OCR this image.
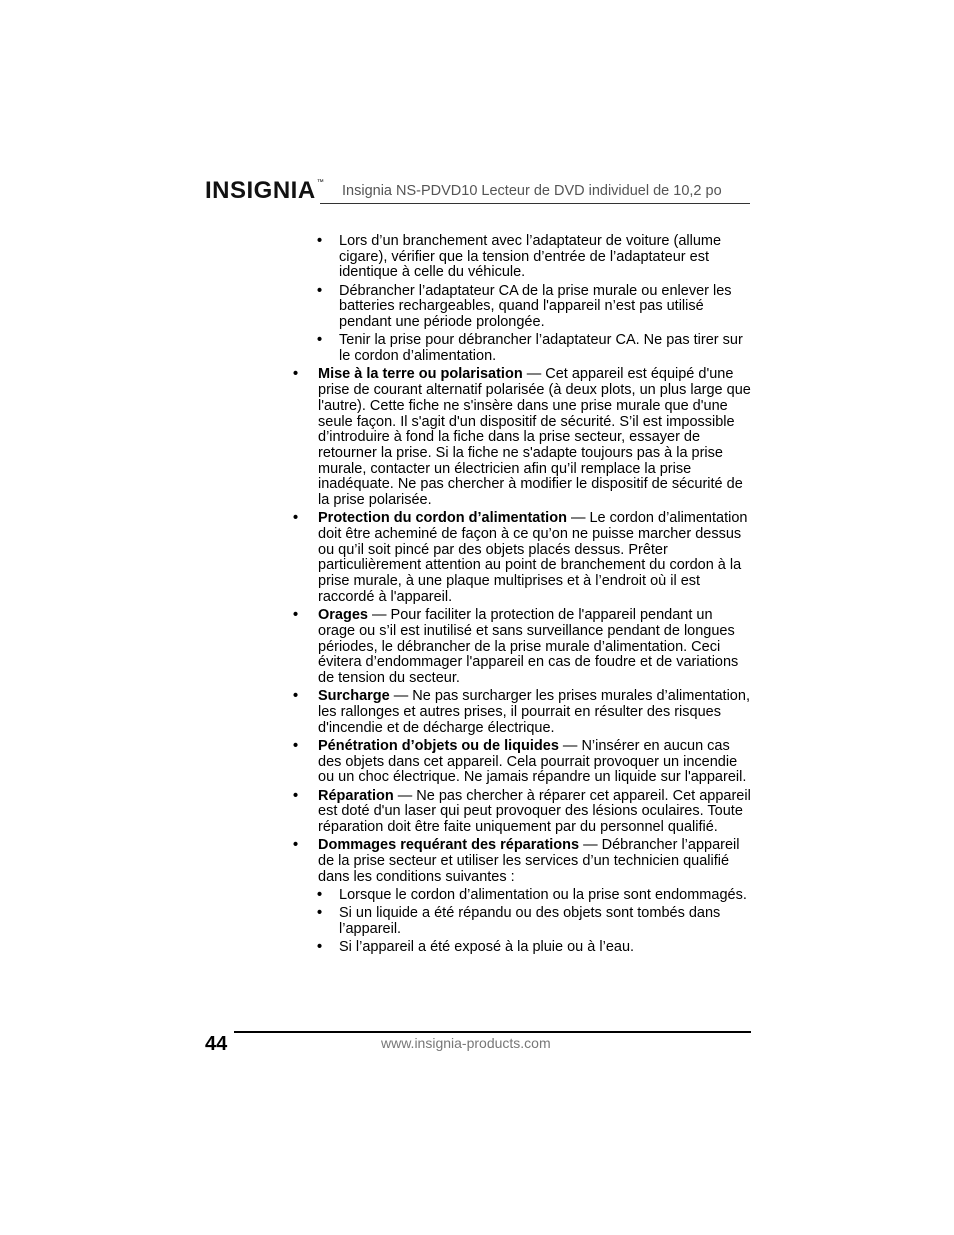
INSIGNIA™
Insignia NS-PDVD10 Lecteur de DVD individuel de 10,2 po
• Lors d’un branchement avec l’adaptateur de voiture (allume cigare), vérifier que la tension d’entrée de l’adaptateur est identique à celle du véhicule.
• Débrancher l’adaptateur CA de la prise murale ou enlever les batteries rechargeables, quand l'appareil n’est pas utilisé pendant une période prolongée.
• Tenir la prise pour débrancher l’adaptateur CA. Ne pas tirer sur le cordon d’alimentation.
• Mise à la terre ou polarisation — Cet appareil est équipé d'une prise de courant alternatif polarisée (à deux plots, un plus large que l'autre). Cette fiche ne s'insère dans une prise murale que d'une seule façon. Il s'agit d'un dispositif de sécurité. S’il est impossible d’introduire à fond la fiche dans la prise secteur, essayer de retourner la prise. Si la fiche ne s'adapte toujours pas à la prise murale, contacter un électricien afin qu’il remplace la prise inadéquate. Ne pas chercher à modifier le dispositif de sécurité de la prise polarisée.
• Protection du cordon d’alimentation — Le cordon d’alimentation doit être acheminé de façon à ce qu’on ne puisse marcher dessus ou qu’il soit pincé par des objets placés dessus. Prêter particulièrement attention au point de branchement du cordon à la prise murale, à une plaque multiprises et à l’endroit où il est raccordé à l'appareil.
• Orages — Pour faciliter la protection de l'appareil pendant un orage ou s’il est inutilisé et sans surveillance pendant de longues périodes, le débrancher de la prise murale d’alimentation. Ceci évitera d’endommager l'appareil en cas de foudre et de variations de tension du secteur.
• Surcharge — Ne pas surcharger les prises murales d’alimentation, les rallonges et autres prises, il pourrait en résulter des risques d'incendie et de décharge électrique.
• Pénétration d’objets ou de liquides — N’insérer en aucun cas des objets dans cet appareil. Cela pourrait provoquer un incendie ou un choc électrique. Ne jamais répandre un liquide sur l'appareil.
• Réparation — Ne pas chercher à réparer cet appareil. Cet appareil est doté d'un laser qui peut provoquer des lésions oculaires. Toute réparation doit être faite uniquement par du personnel qualifié.
• Dommages requérant des réparations — Débrancher l’appareil de la prise secteur et utiliser les services d’un technicien qualifié dans les conditions suivantes :
• Lorsque le cordon d’alimentation ou la prise sont endommagés.
• Si un liquide a été répandu ou des objets sont tombés dans l’appareil.
• Si l’appareil a été exposé à la pluie ou à l’eau.
44	www.insignia-products.com
